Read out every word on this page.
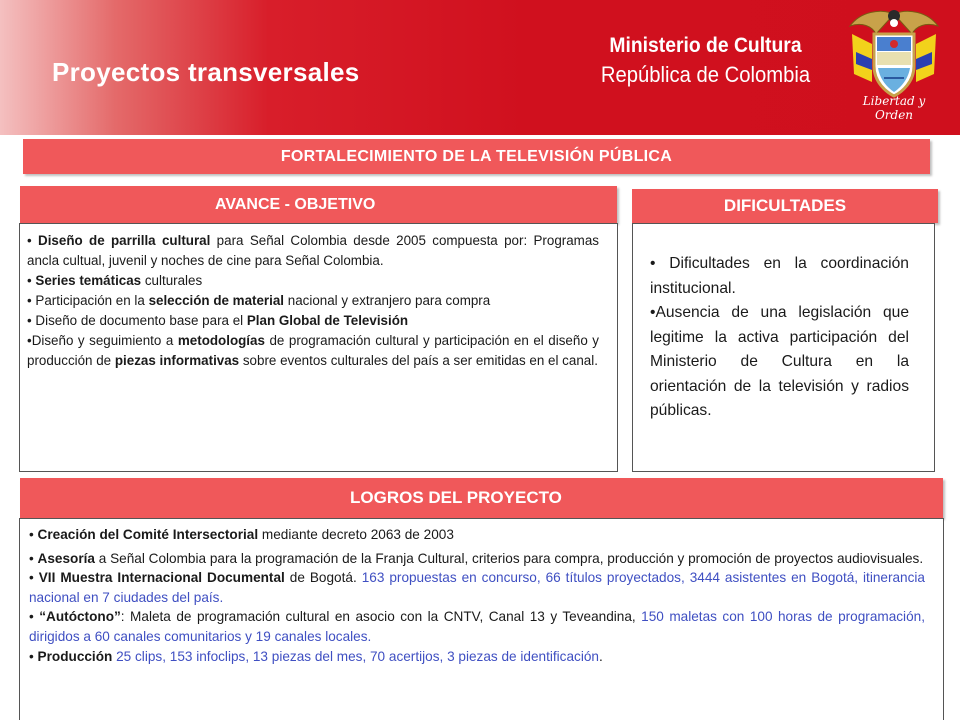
Proyectos transversales
Ministerio de Cultura
República de Colombia
Libertad y Orden
FORTALECIMIENTO DE LA TELEVISIÓN PÚBLICA
AVANCE - OBJETIVO

• Diseño de parrilla cultural para Señal Colombia desde 2005 compuesta por: Programas ancla cultual, juvenil y noches de cine para Señal Colombia.

• Series temáticas culturales

• Participación en la selección de material nacional y extranjero para compra

• Diseño de documento base para el Plan Global de Televisión

•Diseño y seguimiento a metodologías de programación cultural y participación en el diseño y producción de piezas informativas sobre eventos culturales del país a ser emitidas en el canal.

DIFICULTADES

• Dificultades en la coordinación institucional.

•Ausencia de una legislación que legitime la activa participación del Ministerio de Cultura en la orientación de la televisión y radios públicas.

LOGROS DEL PROYECTO

• Creación del Comité Intersectorial mediante decreto 2063 de 2003

• Asesoría a Señal Colombia para la programación de la Franja Cultural, criterios para compra, producción y promoción de proyectos audiovisuales.

• VII Muestra Internacional Documental de Bogotá. 163 propuestas en concurso, 66 títulos proyectados, 3444 asistentes en Bogotá, itinerancia nacional en 7 ciudades del país.

• “Autóctono”: Maleta de programación cultural en asocio con la CNTV, Canal 13 y Teveandina, 150 maletas con 100 horas de programación, dirigidos a 60 canales comunitarios y 19 canales locales.

• Producción 25 clips, 153 infoclips, 13 piezas del mes, 70 acertijos, 3 piezas de identificación.
